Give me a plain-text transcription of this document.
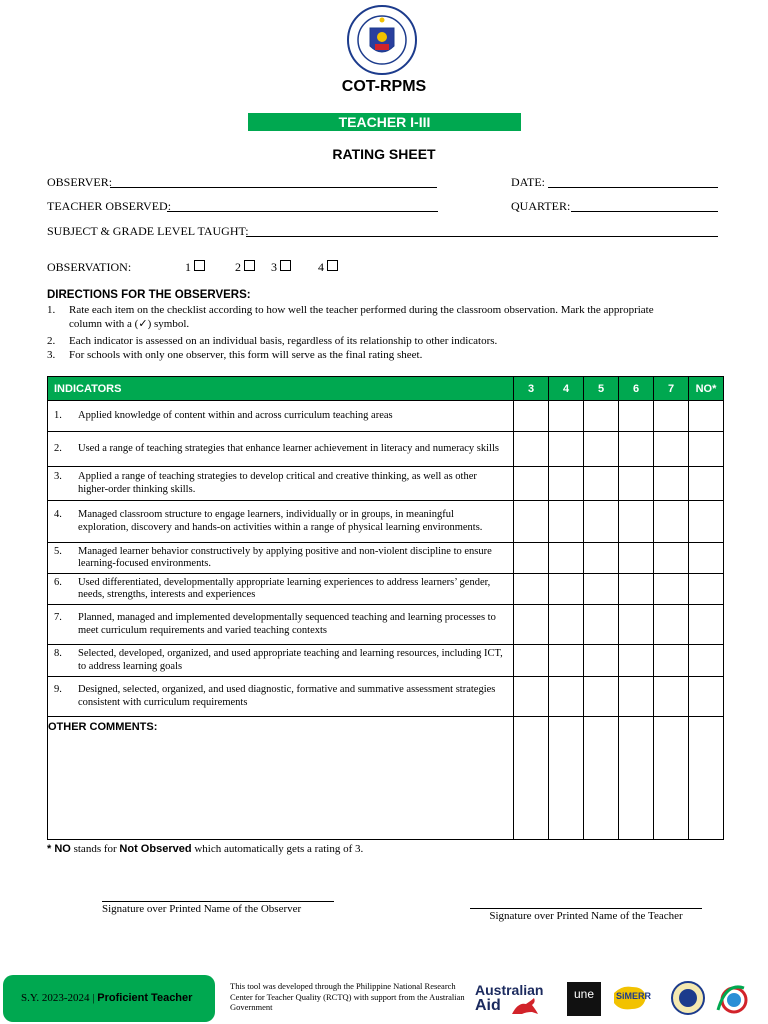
COT-RPMS
TEACHER I-III
RATING SHEET
OBSERVER:	DATE:
TEACHER OBSERVED:	QUARTER:
SUBJECT & GRADE LEVEL TAUGHT:
OBSERVATION:	1	2	3	4
DIRECTIONS FOR THE OBSERVERS:
1. Rate each item on the checklist according to how well the teacher performed during the classroom observation. Mark the appropriate
column with a (✓) symbol.
2. Each indicator is assessed on an individual basis, regardless of its relationship to other indicators.
3. For schools with only one observer, this form will serve as the final rating sheet.
INDICATORS	3	4	5	6	7	NO*

1. Applied knowledge of content within and across curriculum teaching areas						

2. Used a range of teaching strategies that enhance learner achievement in literacy and numeracy skills						

3. Applied a range of teaching strategies to develop critical and creative thinking, as well as other higher-order thinking skills.						

4. Managed classroom structure to engage learners, individually or in groups, in meaningful exploration, discovery and hands-on activities within a range of physical learning environments.						

5. Managed learner behavior constructively by applying positive and non-violent discipline to ensure learning-focused environments.						

6. Used differentiated, developmentally appropriate learning experiences to address learners’ gender, needs, strengths, interests and experiences						

7. Planned, managed and implemented developmentally sequenced teaching and learning processes to meet curriculum requirements and varied teaching contexts						

8. Selected, developed, organized, and used appropriate teaching and learning resources, including ICT, to address learning goals						

9. Designed, selected, organized, and used diagnostic, formative and summative assessment strategies consistent with curriculum requirements						

OTHER COMMENTS:						
* NO stands for Not Observed which automatically gets a rating of 3.
Signature over Printed Name of the Observer
Signature over Printed Name of the Teacher
S.Y. 2023-2024 | Proficient Teacher
This tool was developed through the Philippine National Research Center for Teacher Quality (RCTQ) with support from the Australian Government
Australian
Aid
une	SiMERR
